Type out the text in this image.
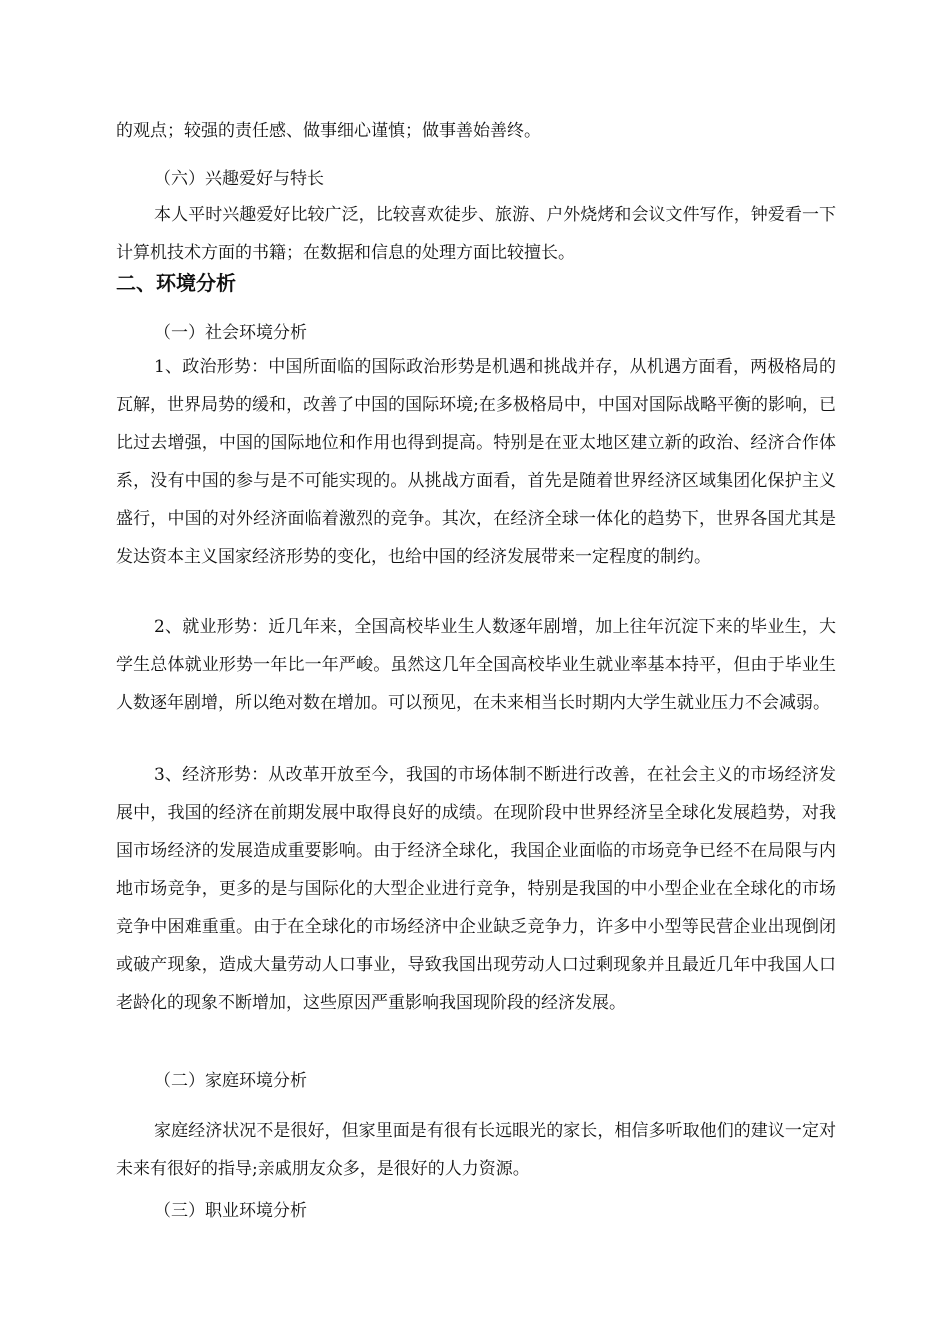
的观点；较强的责任感、做事细心谨慎；做事善始善终。

（六）兴趣爱好与特长

本人平时兴趣爱好比较广泛，比较喜欢徒步、旅游、户外烧烤和会议文件写作，钟爱看一下计算机技术方面的书籍；在数据和信息的处理方面比较擅长。

二、环境分析

（一）社会环境分析

1、政治形势：中国所面临的国际政治形势是机遇和挑战并存，从机遇方面看，两极格局的瓦解，世界局势的缓和，改善了中国的国际环境;在多极格局中，中国对国际战略平衡的影响，已比过去增强，中国的国际地位和作用也得到提高。特别是在亚太地区建立新的政治、经济合作体系，没有中国的参与是不可能实现的。从挑战方面看，首先是随着世界经济区域集团化保护主义盛行，中国的对外经济面临着激烈的竞争。其次，在经济全球一体化的趋势下，世界各国尤其是发达资本主义国家经济形势的变化，也给中国的经济发展带来一定程度的制约。

2、就业形势：近几年来，全国高校毕业生人数逐年剧增，加上往年沉淀下来的毕业生，大学生总体就业形势一年比一年严峻。虽然这几年全国高校毕业生就业率基本持平，但由于毕业生人数逐年剧增，所以绝对数在增加。可以预见，在未来相当长时期内大学生就业压力不会减弱。

3、经济形势：从改革开放至今，我国的市场体制不断进行改善，在社会主义的市场经济发展中，我国的经济在前期发展中取得良好的成绩。在现阶段中世界经济呈全球化发展趋势，对我国市场经济的发展造成重要影响。由于经济全球化，我国企业面临的市场竞争已经不在局限与内地市场竞争，更多的是与国际化的大型企业进行竞争，特别是我国的中小型企业在全球化的市场竞争中困难重重。由于在全球化的市场经济中企业缺乏竞争力，许多中小型等民营企业出现倒闭或破产现象，造成大量劳动人口事业，导致我国出现劳动人口过剩现象并且最近几年中我国人口老龄化的现象不断增加，这些原因严重影响我国现阶段的经济发展。

（二）家庭环境分析

家庭经济状况不是很好，但家里面是有很有长远眼光的家长，相信多听取他们的建议一定对未来有很好的指导;亲戚朋友众多，是很好的人力资源。

（三）职业环境分析
